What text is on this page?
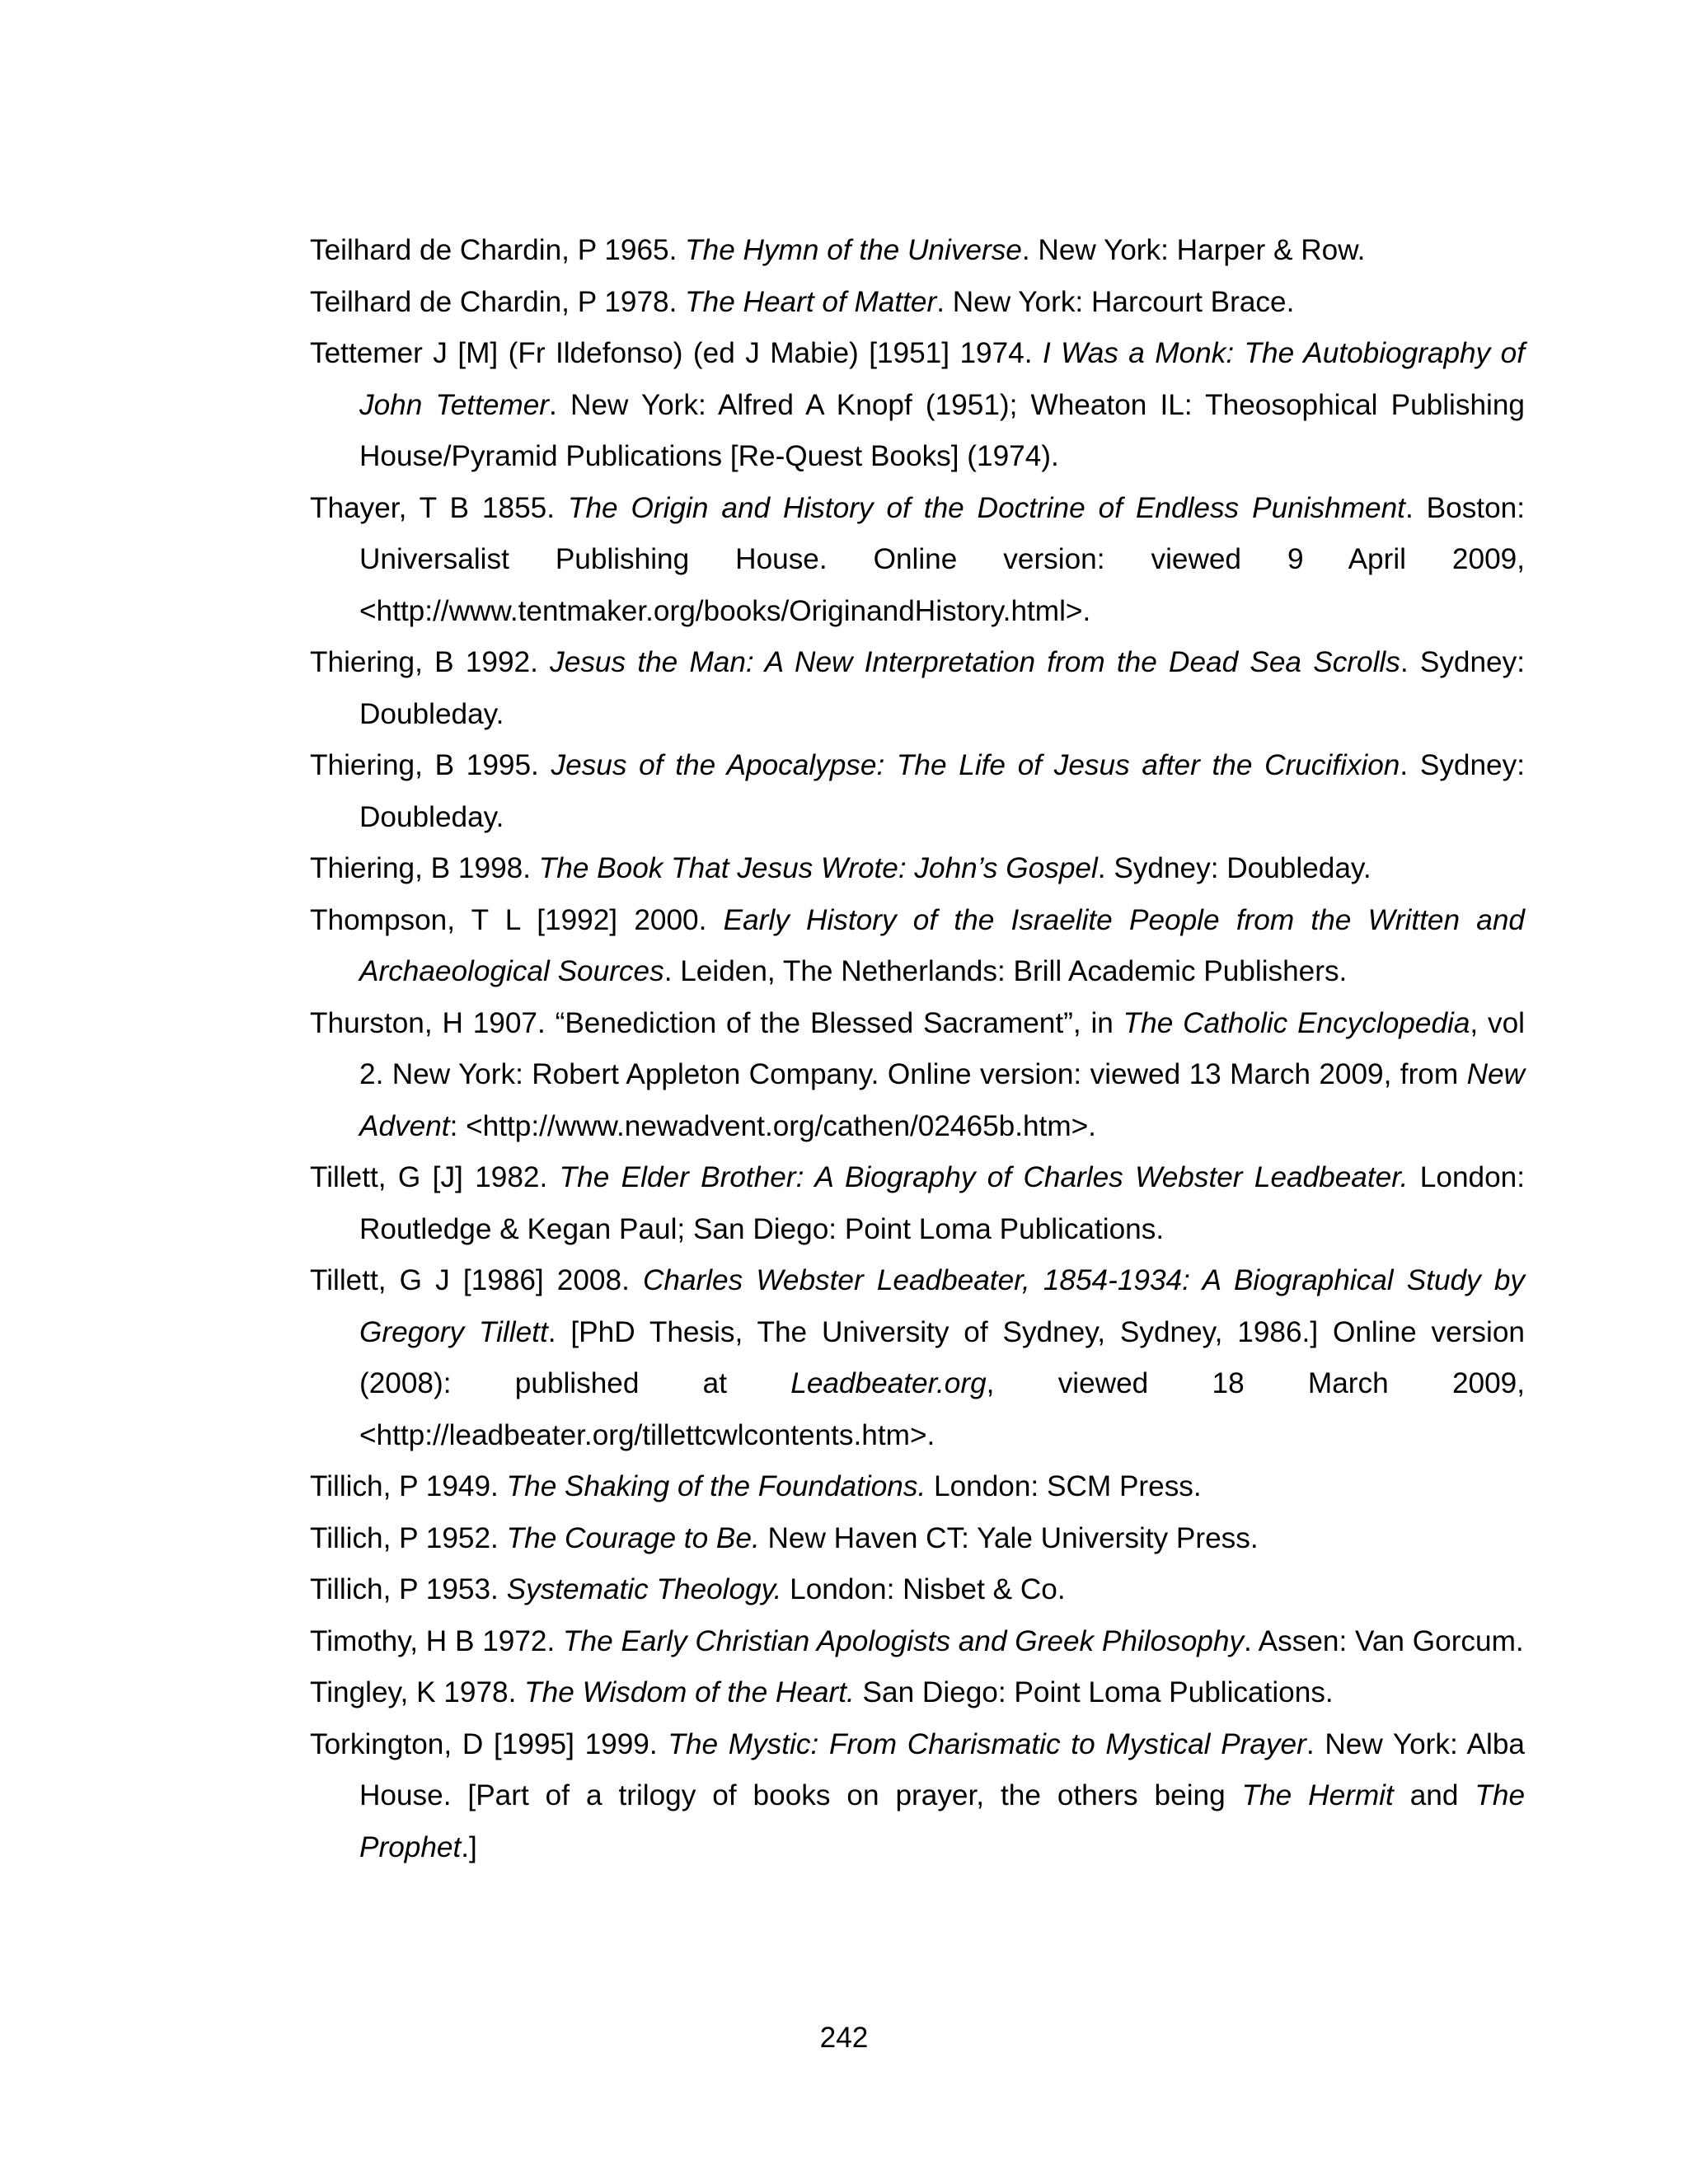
Teilhard de Chardin, P 1965. The Hymn of the Universe. New York: Harper & Row.

Teilhard de Chardin, P 1978. The Heart of Matter. New York: Harcourt Brace.

Tettemer J [M] (Fr Ildefonso) (ed J Mabie) [1951] 1974. I Was a Monk: The Autobiography of John Tettemer. New York: Alfred A Knopf (1951); Wheaton IL: Theosophical Publishing House/Pyramid Publications [Re-Quest Books] (1974).

Thayer, T B 1855. The Origin and History of the Doctrine of Endless Punishment. Boston: Universalist Publishing House. Online version: viewed 9 April 2009, <http://www.tentmaker.org/books/OriginandHistory.html>.

Thiering, B 1992. Jesus the Man: A New Interpretation from the Dead Sea Scrolls. Sydney: Doubleday.

Thiering, B 1995. Jesus of the Apocalypse: The Life of Jesus after the Crucifixion. Sydney: Doubleday.

Thiering, B 1998. The Book That Jesus Wrote: John’s Gospel. Sydney: Doubleday.

Thompson, T L [1992] 2000. Early History of the Israelite People from the Written and Archaeological Sources. Leiden, The Netherlands: Brill Academic Publishers.

Thurston, H 1907. “Benediction of the Blessed Sacrament”, in The Catholic Encyclopedia, vol 2. New York: Robert Appleton Company. Online version: viewed 13 March 2009, from New Advent: <http://www.newadvent.org/cathen/02465b.htm>.

Tillett, G [J] 1982. The Elder Brother: A Biography of Charles Webster Leadbeater. London: Routledge & Kegan Paul; San Diego: Point Loma Publications.

Tillett, G J [1986] 2008. Charles Webster Leadbeater, 1854-1934: A Biographical Study by Gregory Tillett. [PhD Thesis, The University of Sydney, Sydney, 1986.] Online version (2008): published at Leadbeater.org, viewed 18 March 2009, <http://leadbeater.org/tillettcwlcontents.htm>.

Tillich, P 1949. The Shaking of the Foundations. London: SCM Press.

Tillich, P 1952. The Courage to Be. New Haven CT: Yale University Press.

Tillich, P 1953. Systematic Theology. London: Nisbet & Co.

Timothy, H B 1972. The Early Christian Apologists and Greek Philosophy. Assen: Van Gorcum.

Tingley, K 1978. The Wisdom of the Heart. San Diego: Point Loma Publications.

Torkington, D [1995] 1999. The Mystic: From Charismatic to Mystical Prayer. New York: Alba House. [Part of a trilogy of books on prayer, the others being The Hermit and The Prophet.]

242
